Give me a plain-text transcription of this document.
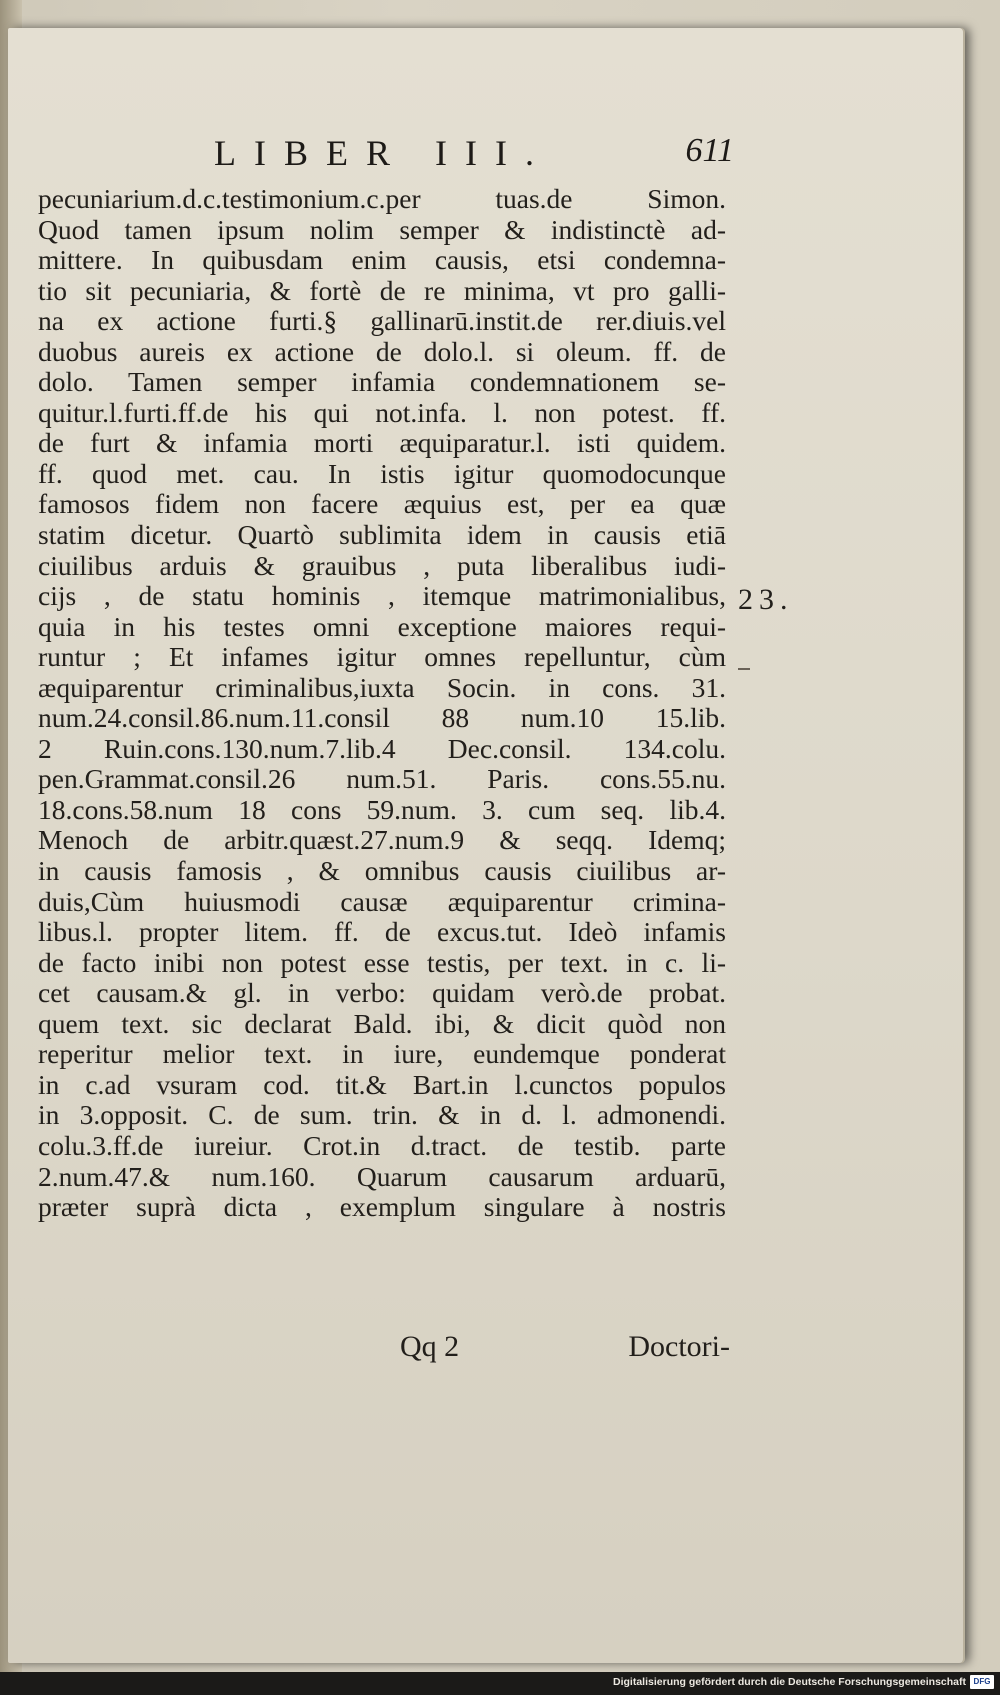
LIBER III.	611
pecuniarium.d.c.testimonium.c.per tuas.de Simon.
Quod tamen ipsum nolim semper & indistinctè ad-
mittere. In quibusdam enim causis, etsi condemna-
tio sit pecuniaria, & fortè de re minima, vt pro galli-
na ex actione furti.§ gallinarū.instit.de rer.diuis.vel
duobus aureis ex actione de dolo.l. si oleum. ff. de
dolo. Tamen semper infamia condemnationem se-
quitur.l.furti.ff.de his qui not.infa. l. non potest. ff.
de furt & infamia morti æquiparatur.l. isti quidem.
ff. quod met. cau. In istis igitur quomodocunque
famosos fidem non facere æquius est, per ea quæ
statim dicetur. Quartò sublimita idem in causis etiā
ciuilibus arduis & grauibus , puta liberalibus iudi-
cijs , de statu hominis , itemque matrimonialibus,
quia in his testes omni exceptione maiores requi-
runtur ; Et infames igitur omnes repelluntur, cùm
æquiparentur criminalibus,iuxta Socin. in cons. 31.
num.24.consil.86.num.11.consil 88 num.10 15.lib.
2 Ruin.cons.130.num.7.lib.4 Dec.consil. 134.colu.
pen.Grammat.consil.26 num.51. Paris. cons.55.nu.
18.cons.58.num 18 cons 59.num. 3. cum seq. lib.4.
Menoch de arbitr.quæst.27.num.9 & seqq. Idemq;
in causis famosis , & omnibus causis ciuilibus ar-
duis,Cùm huiusmodi causæ æquiparentur crimina-
libus.l. propter litem. ff. de excus.tut. Ideò infamis
de facto inibi non potest esse testis, per text. in c. li-
cet causam.& gl. in verbo: quidam verò.de probat.
quem text. sic declarat Bald. ibi, & dicit quòd non
reperitur melior text. in iure, eundemque ponderat
in c.ad vsuram cod. tit.& Bart.in l.cunctos populos
in 3.opposit. C. de sum. trin. & in d. l. admonendi.
colu.3.ff.de iureiur. Crot.in d.tract. de testib. parte
2.num.47.& num.160. Quarum causarum arduarū,
præter suprà dicta , exemplum singulare à nostris
23.
Qq 2	Doctori-
Digitalisierung gefördert durch die Deutsche Forschungsgemeinschaft DFG
